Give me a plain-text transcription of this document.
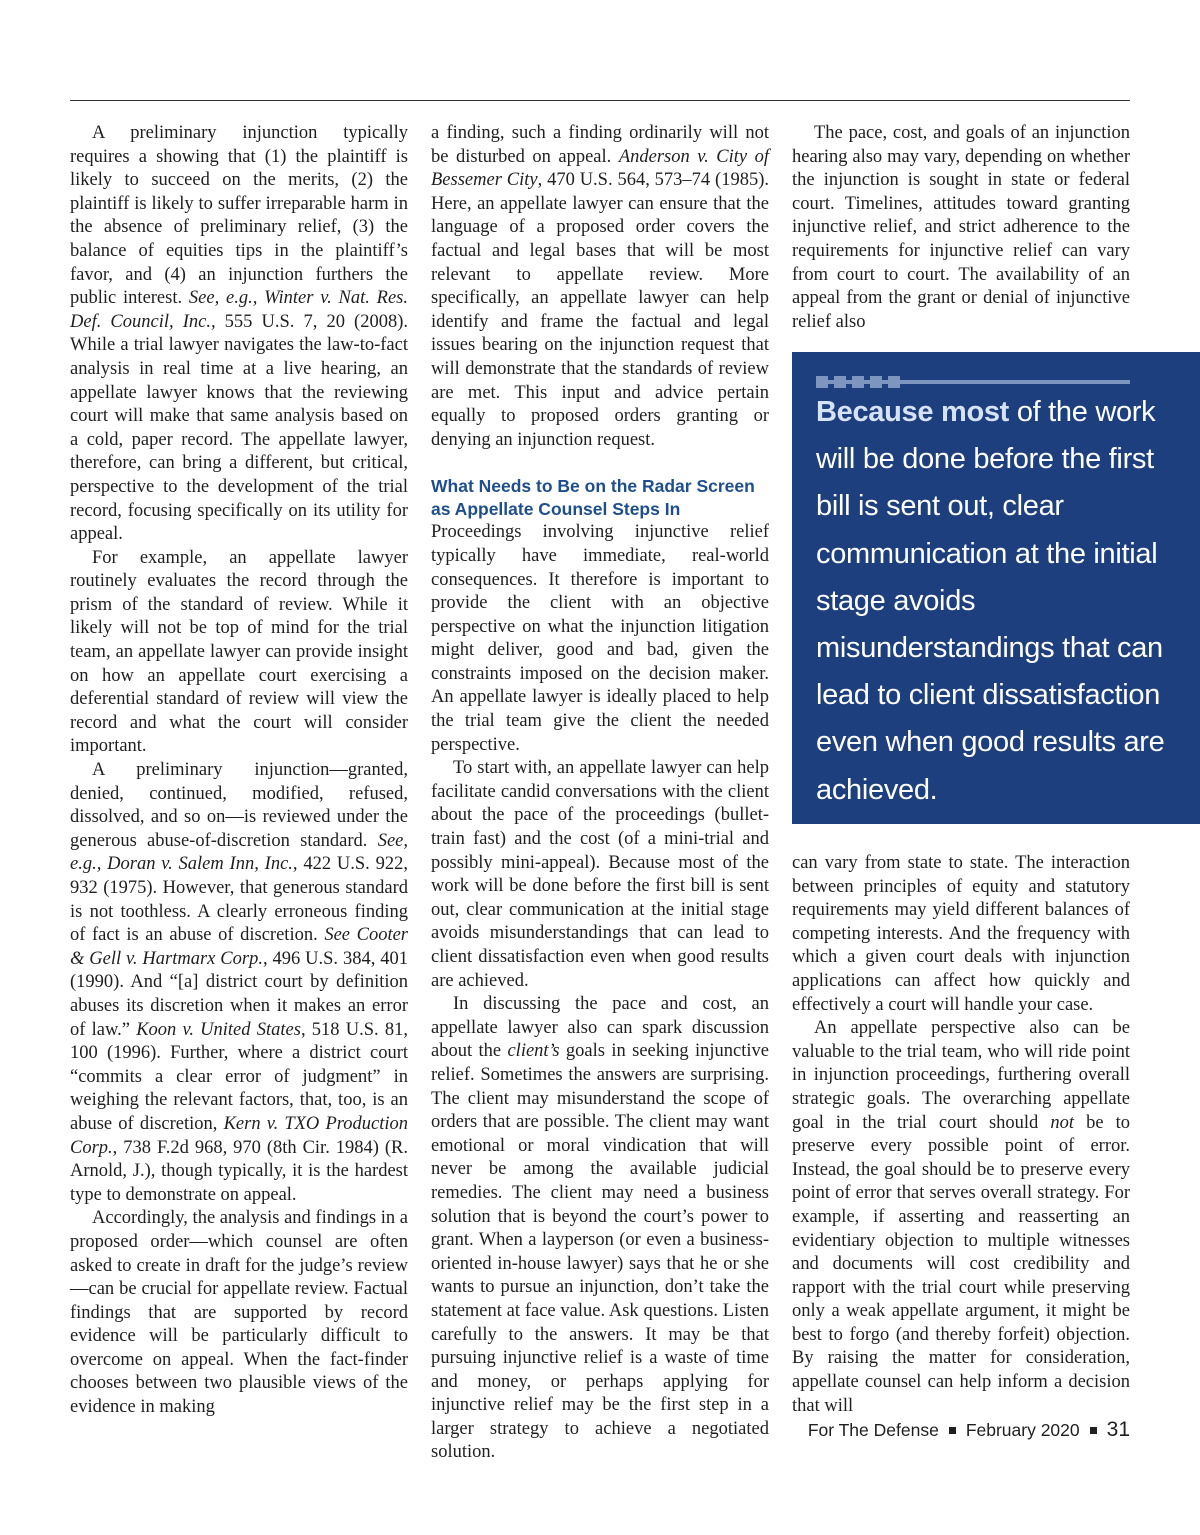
A preliminary injunction typically requires a showing that (1) the plaintiff is likely to succeed on the merits, (2) the plaintiff is likely to suffer irreparable harm in the absence of preliminary relief, (3) the balance of equities tips in the plaintiff’s favor, and (4) an injunction furthers the public interest. See, e.g., Winter v. Nat. Res. Def. Council, Inc., 555 U.S. 7, 20 (2008). While a trial lawyer navigates the law-to-fact analysis in real time at a live hearing, an appellate lawyer knows that the reviewing court will make that same analysis based on a cold, paper record. The appellate lawyer, therefore, can bring a different, but critical, perspective to the development of the trial record, focusing specifically on its utility for appeal.

For example, an appellate lawyer routinely evaluates the record through the prism of the standard of review. While it likely will not be top of mind for the trial team, an appellate lawyer can provide insight on how an appellate court exercising a deferential standard of review will view the record and what the court will consider important.

A preliminary injunction—granted, denied, continued, modified, refused, dissolved, and so on—is reviewed under the generous abuse-of-discretion standard. See, e.g., Doran v. Salem Inn, Inc., 422 U.S. 922, 932 (1975). However, that generous standard is not toothless. A clearly erroneous finding of fact is an abuse of discretion. See Cooter & Gell v. Hartmarx Corp., 496 U.S. 384, 401 (1990). And “[a] district court by definition abuses its discretion when it makes an error of law.” Koon v. United States, 518 U.S. 81, 100 (1996). Further, where a district court “commits a clear error of judgment” in weighing the relevant factors, that, too, is an abuse of discretion, Kern v. TXO Production Corp., 738 F.2d 968, 970 (8th Cir. 1984) (R. Arnold, J.), though typically, it is the hardest type to demonstrate on appeal.

Accordingly, the analysis and findings in a proposed order—which counsel are often asked to create in draft for the judge’s review—can be crucial for appellate review. Factual findings that are supported by record evidence will be particularly difficult to overcome on appeal. When the fact-finder chooses between two plausible views of the evidence in making

a finding, such a finding ordinarily will not be disturbed on appeal. Anderson v. City of Bessemer City, 470 U.S. 564, 573–74 (1985). Here, an appellate lawyer can ensure that the language of a proposed order covers the factual and legal bases that will be most relevant to appellate review. More specifically, an appellate lawyer can help identify and frame the factual and legal issues bearing on the injunction request that will demonstrate that the standards of review are met. This input and advice pertain equally to proposed orders granting or denying an injunction request.

What Needs to Be on the Radar Screen as Appellate Counsel Steps In

Proceedings involving injunctive relief typically have immediate, real-world consequences. It therefore is important to provide the client with an objective perspective on what the injunction litigation might deliver, good and bad, given the constraints imposed on the decision maker. An appellate lawyer is ideally placed to help the trial team give the client the needed perspective.

To start with, an appellate lawyer can help facilitate candid conversations with the client about the pace of the proceedings (bullet-train fast) and the cost (of a mini-trial and possibly mini-appeal). Because most of the work will be done before the first bill is sent out, clear communication at the initial stage avoids misunderstandings that can lead to client dissatisfaction even when good results are achieved.

In discussing the pace and cost, an appellate lawyer also can spark discussion about the client’s goals in seeking injunctive relief. Sometimes the answers are surprising. The client may misunderstand the scope of orders that are possible. The client may want emotional or moral vindication that will never be among the available judicial remedies. The client may need a business solution that is beyond the court’s power to grant. When a layperson (or even a business-oriented in-house lawyer) says that he or she wants to pursue an injunction, don’t take the statement at face value. Ask questions. Listen carefully to the answers. It may be that pursuing injunctive relief is a waste of time and money, or perhaps applying for injunctive relief may be the first step in a larger strategy to achieve a negotiated solution.

The pace, cost, and goals of an injunction hearing also may vary, depending on whether the injunction is sought in state or federal court. Timelines, attitudes toward granting injunctive relief, and strict adherence to the requirements for injunctive relief can vary from court to court. The availability of an appeal from the grant or denial of injunctive relief also

Because most of the work will be done before the first bill is sent out, clear communication at the initial stage avoids misunderstandings that can lead to client dissatisfaction even when good results are achieved.

can vary from state to state. The interaction between principles of equity and statutory requirements may yield different balances of competing interests. And the frequency with which a given court deals with injunction applications can affect how quickly and effectively a court will handle your case.

An appellate perspective also can be valuable to the trial team, who will ride point in injunction proceedings, furthering overall strategic goals. The overarching appellate goal in the trial court should not be to preserve every possible point of error. Instead, the goal should be to preserve every point of error that serves overall strategy. For example, if asserting and reasserting an evidentiary objection to multiple witnesses and documents will cost credibility and rapport with the trial court while preserving only a weak appellate argument, it might be best to forgo (and thereby forfeit) objection. By raising the matter for consideration, appellate counsel can help inform a decision that will

For The Defense February 2020 31
